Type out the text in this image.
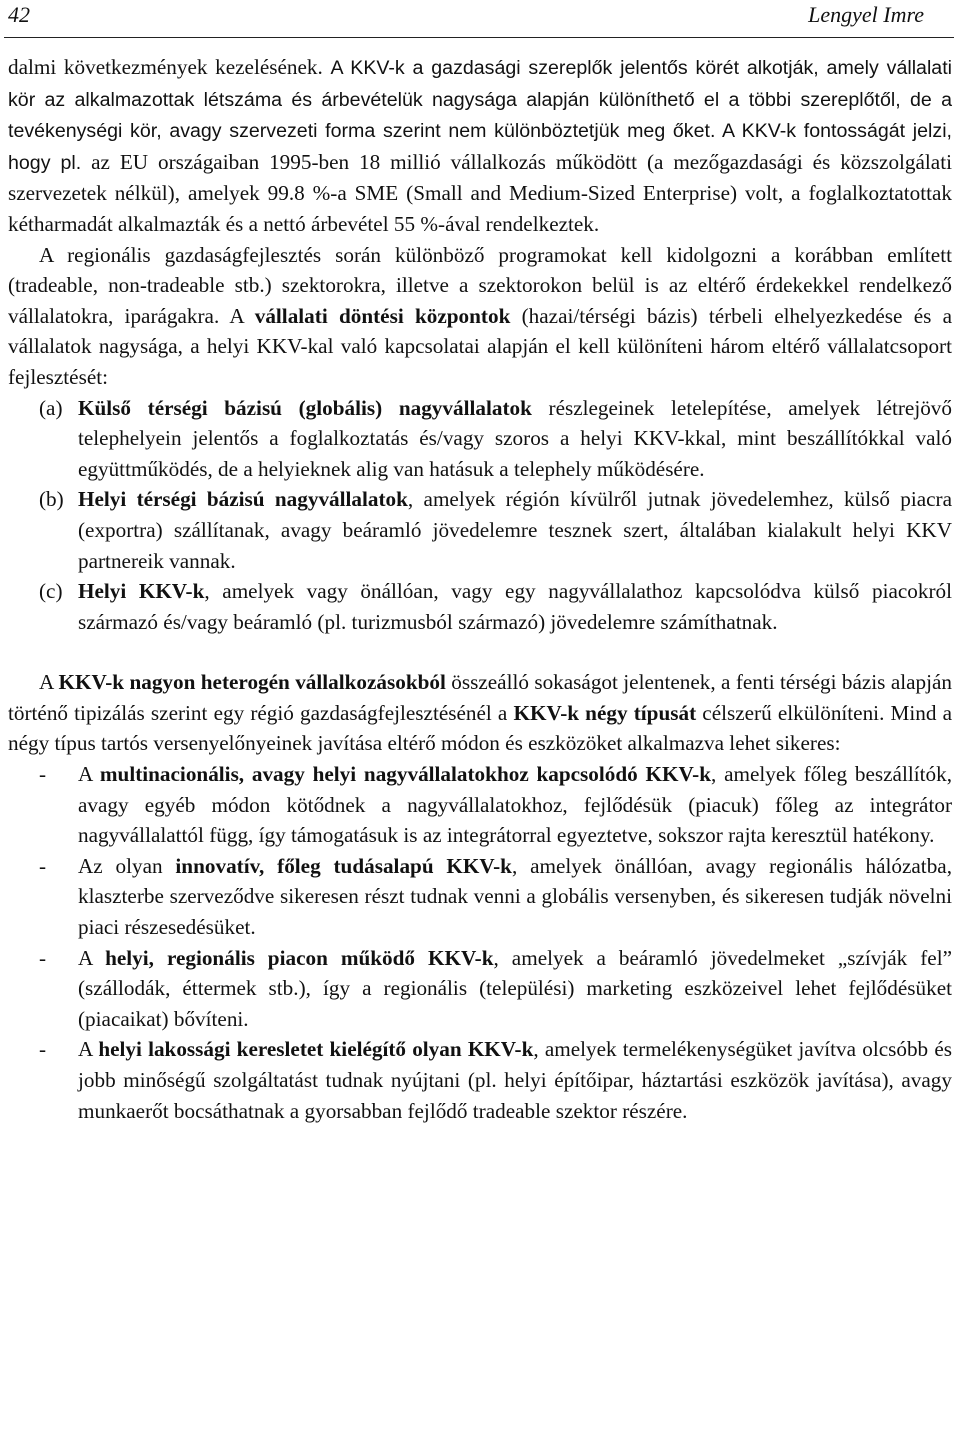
42	Lengyel Imre

dalmi következmények kezelésének. A KKV-k a gazdasági szereplők jelentős körét alkotják, amely vállalati kör az alkalmazottak létszáma és árbevételük nagysága alapján különíthető el a többi szereplőtől, de a tevékenységi kör, avagy szervezeti forma szerint nem különböztetjük meg őket. A KKV-k fontosságát jelzi, hogy pl. az EU országaiban 1995-ben 18 millió vállalkozás működött (a mezőgazdasági és közszolgálati szervezetek nélkül), amelyek 99.8 %-a SME (Small and Medium-Sized Enterprise) volt, a foglalkoztatottak kétharmadát alkalmazták és a nettó árbevétel 55 %-ával rendelkeztek.

A regionális gazdaságfejlesztés során különböző programokat kell kidolgozni a korábban említett (tradeable, non-tradeable stb.) szektorokra, illetve a szektorokon belül is az eltérő érdekekkel rendelkező vállalatokra, iparágakra. A vállalati döntési központok (hazai/térségi bázis) térbeli elhelyezkedése és a vállalatok nagysága, a helyi KKV-kal való kapcsolatai alapján el kell különíteni három eltérő vállalatcsoport fejlesztését:

(a) Külső térségi bázisú (globális) nagyvállalatok részlegeinek letelepítése, amelyek létrejövő telephelyein jelentős a foglalkoztatás és/vagy szoros a helyi KKV-kkal, mint beszállítókkal való együttműködés, de a helyieknek alig van hatásuk a telephely működésére.
(b) Helyi térségi bázisú nagyvállalatok, amelyek régión kívülről jutnak jövedelemhez, külső piacra (exportra) szállítanak, avagy beáramló jövedelemre tesznek szert, általában kialakult helyi KKV partnereik vannak.
(c) Helyi KKV-k, amelyek vagy önállóan, vagy egy nagyvállalathoz kapcsolódva külső piacokról származó és/vagy beáramló (pl. turizmusból származó) jövedelemre számíthatnak.

A KKV-k nagyon heterogén vállalkozásokból összeálló sokaságot jelentenek, a fenti térségi bázis alapján történő tipizálás szerint egy régió gazdaságfejlesztésénél a KKV-k négy típusát célszerű elkülöníteni. Mind a négy típus tartós versenyelőnyeinek javítása eltérő módon és eszközöket alkalmazva lehet sikeres:

- A multinacionális, avagy helyi nagyvállalatokhoz kapcsolódó KKV-k, amelyek főleg beszállítók, avagy egyéb módon kötődnek a nagyvállalatokhoz, fejlődésük (piacuk) főleg az integrátor nagyvállalattól függ, így támogatásuk is az integrátorral egyeztetve, sokszor rajta keresztül hatékony.
- Az olyan innovatív, főleg tudásalapú KKV-k, amelyek önállóan, avagy regionális hálózatba, klaszterbe szerveződve sikeresen részt tudnak venni a globális versenyben, és sikeresen tudják növelni piaci részesedésüket.
- A helyi, regionális piacon működő KKV-k, amelyek a beáramló jövedelmeket „szívják fel” (szállodák, éttermek stb.), így a regionális (települési) marketing eszközeivel lehet fejlődésüket (piacaikat) bővíteni.
- A helyi lakossági keresletet kielégítő olyan KKV-k, amelyek termelékenységüket javítva olcsóbb és jobb minőségű szolgáltatást tudnak nyújtani (pl. helyi építőipar, háztartási eszközök javítása), avagy munkaerőt bocsáthatnak a gyorsabban fejlődő tradeable szektor részére.
